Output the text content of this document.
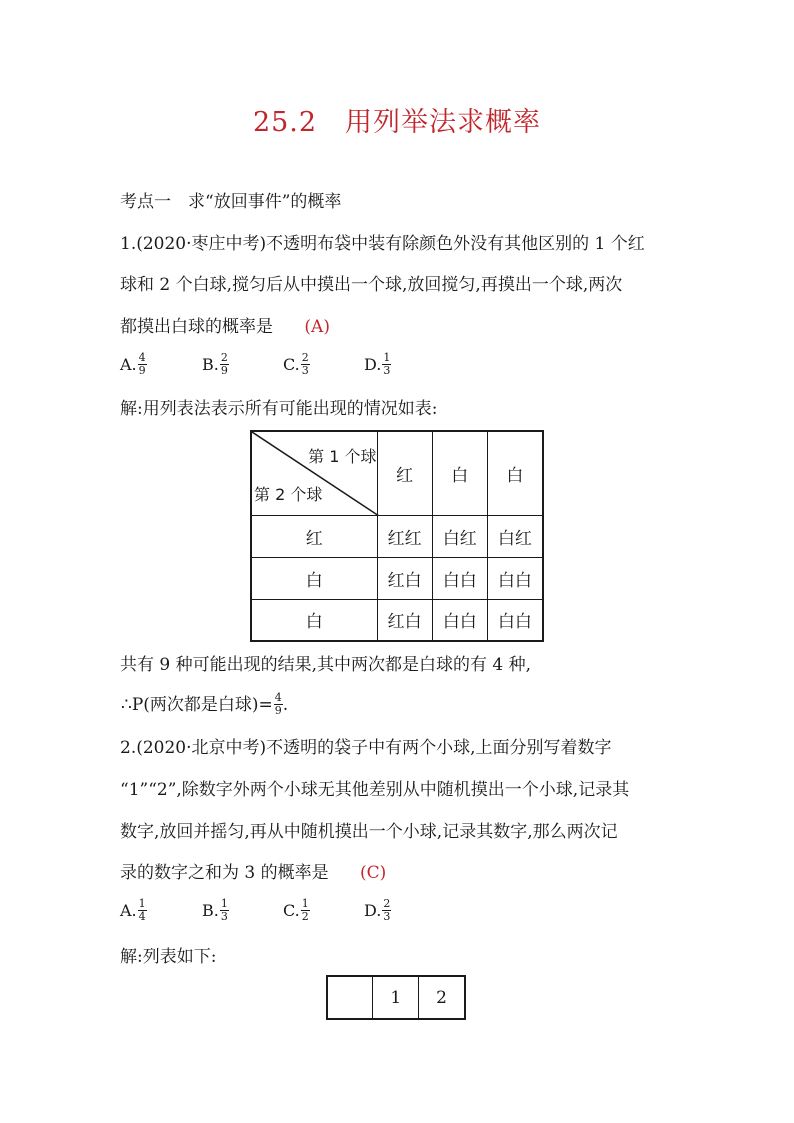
25.2　用列举法求概率
考点一　求“放回事件”的概率
1.(2020·枣庄中考)不透明布袋中装有除颜色外没有其他区别的 1 个红
球和 2 个白球,搅匀后从中摸出一个球,放回搅匀,再摸出一个球,两次
都摸出白球的概率是 (A)
A. $\frac{4}{9}$	B. $\frac{2}{9}$	C. $\frac{2}{3}$	D. $\frac{1}{3}$
解:用列表法表示所有可能出现的情况如表:
第 1 个球
第 2 个球	红	白	白
红	红红	白红	白红
白	红白	白白	白白
白	红白	白白	白白
共有 9 种可能出现的结果,其中两次都是白球的有 4 种,
∴P(两次都是白球)= $\frac{4}{9}$ .
2.(2020·北京中考)不透明的袋子中有两个小球,上面分别写着数字
“1”“2”,除数字外两个小球无其他差别从中随机摸出一个小球,记录其
数字,放回并摇匀,再从中随机摸出一个小球,记录其数字,那么两次记
录的数字之和为 3 的概率是 (C)
A. $\frac{1}{4}$	B. $\frac{1}{3}$	C. $\frac{1}{2}$	D. $\frac{2}{3}$
解:列表如下:
	1	2
